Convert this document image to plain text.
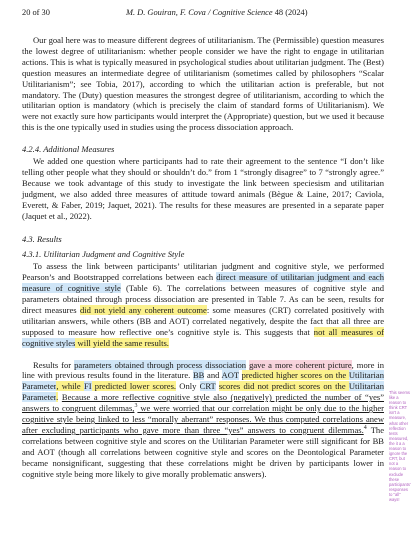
20 of 30	M. D. Gouiran, F. Cova / Cognitive Science 48 (2024)

Our goal here was to measure different degrees of utilitarianism. The (Permissible) question measures the lowest degree of utilitarianism: whether people consider we have the right to engage in utilitarian actions. This is what is typically measured in psychological studies about utilitarian judgment. The (Best) question measures an intermediate degree of utilitarianism (sometimes called by philosophers “Scalar Utilitarianism”; see Tobia, 2017), according to which the utilitarian action is preferable, but not mandatory. The (Duty) question measures the strongest degree of utilitarianism, according to which the utilitarian option is mandatory (which is precisely the claim of standard forms of Utilitarianism). We were not exactly sure how participants would interpret the (Appropriate) question, but we used it because this is the one typically used in studies using the process dissociation approach.

4.2.4. Additional Measures

We added one question where participants had to rate their agreement to the sentence “I don’t like telling other people what they should or shouldn’t do.” from 1 “strongly disagree” to 7 “strongly agree.” Because we took advantage of this study to investigate the link between speciesism and utilitarian judgment, we also added three measures of attitude toward animals (Bègue & Laine, 2017; Caviola, Everett, & Faber, 2019; Jaquet, 2021). The results for these measures are presented in a separate paper (Jaquet et al., 2022).

4.3. Results
4.3.1. Utilitarian Judgment and Cognitive Style

To assess the link between participants’ utilitarian judgment and cognitive style, we performed Pearson’s and Bootstrapped correlations between each direct measure of utilitarian judgment and each measure of cognitive style (Table 6). The correlations between measures of cognitive style and parameters obtained through process dissociation are presented in Table 7. As can be seen, results for direct measures did not yield any coherent outcome: some measures (CRT) correlated positively with utilitarian answers, while others (BB and AOT) correlated negatively, despite the fact that all three are supposed to measure how reflective one’s cognitive style is. This suggests that not all measures of cognitive styles will yield the same results.

Results for parameters obtained through process dissociation gave a more coherent picture, more in line with previous results found in the literature. BB and AOT predicted higher scores on the Utilitarian Parameter, while FI predicted lower scores. Only CRT scores did not predict scores on the Utilitarian Parameter. Because a more reflective cognitive style also (negatively) predicted the number of “yes” answers to congruent dilemmas,$^3$ we were worried that our correlation might be only due to the higher cognitive style being linked to less “morally aberrant” responses. We thus computed correlations anew after excluding participants who gave more than three “yes” answers to congruent dilemmas.$^4$ The correlations between cognitive style and scores on the Utilitarian Parameter were still significant for BB and AOT (though all correlations between cognitive style and scores on the Deontological Parameter became nonsignificant, suggesting that these correlations might be driven by participants lower in cognitive style being more likely to give morally problematic answers).

This seems like a reason to think CRT isn't a measure, what other reflection tests measured, the it a a reason to ignore the CRT, but not a reason to exclude these participants' responses to "all" ways!
